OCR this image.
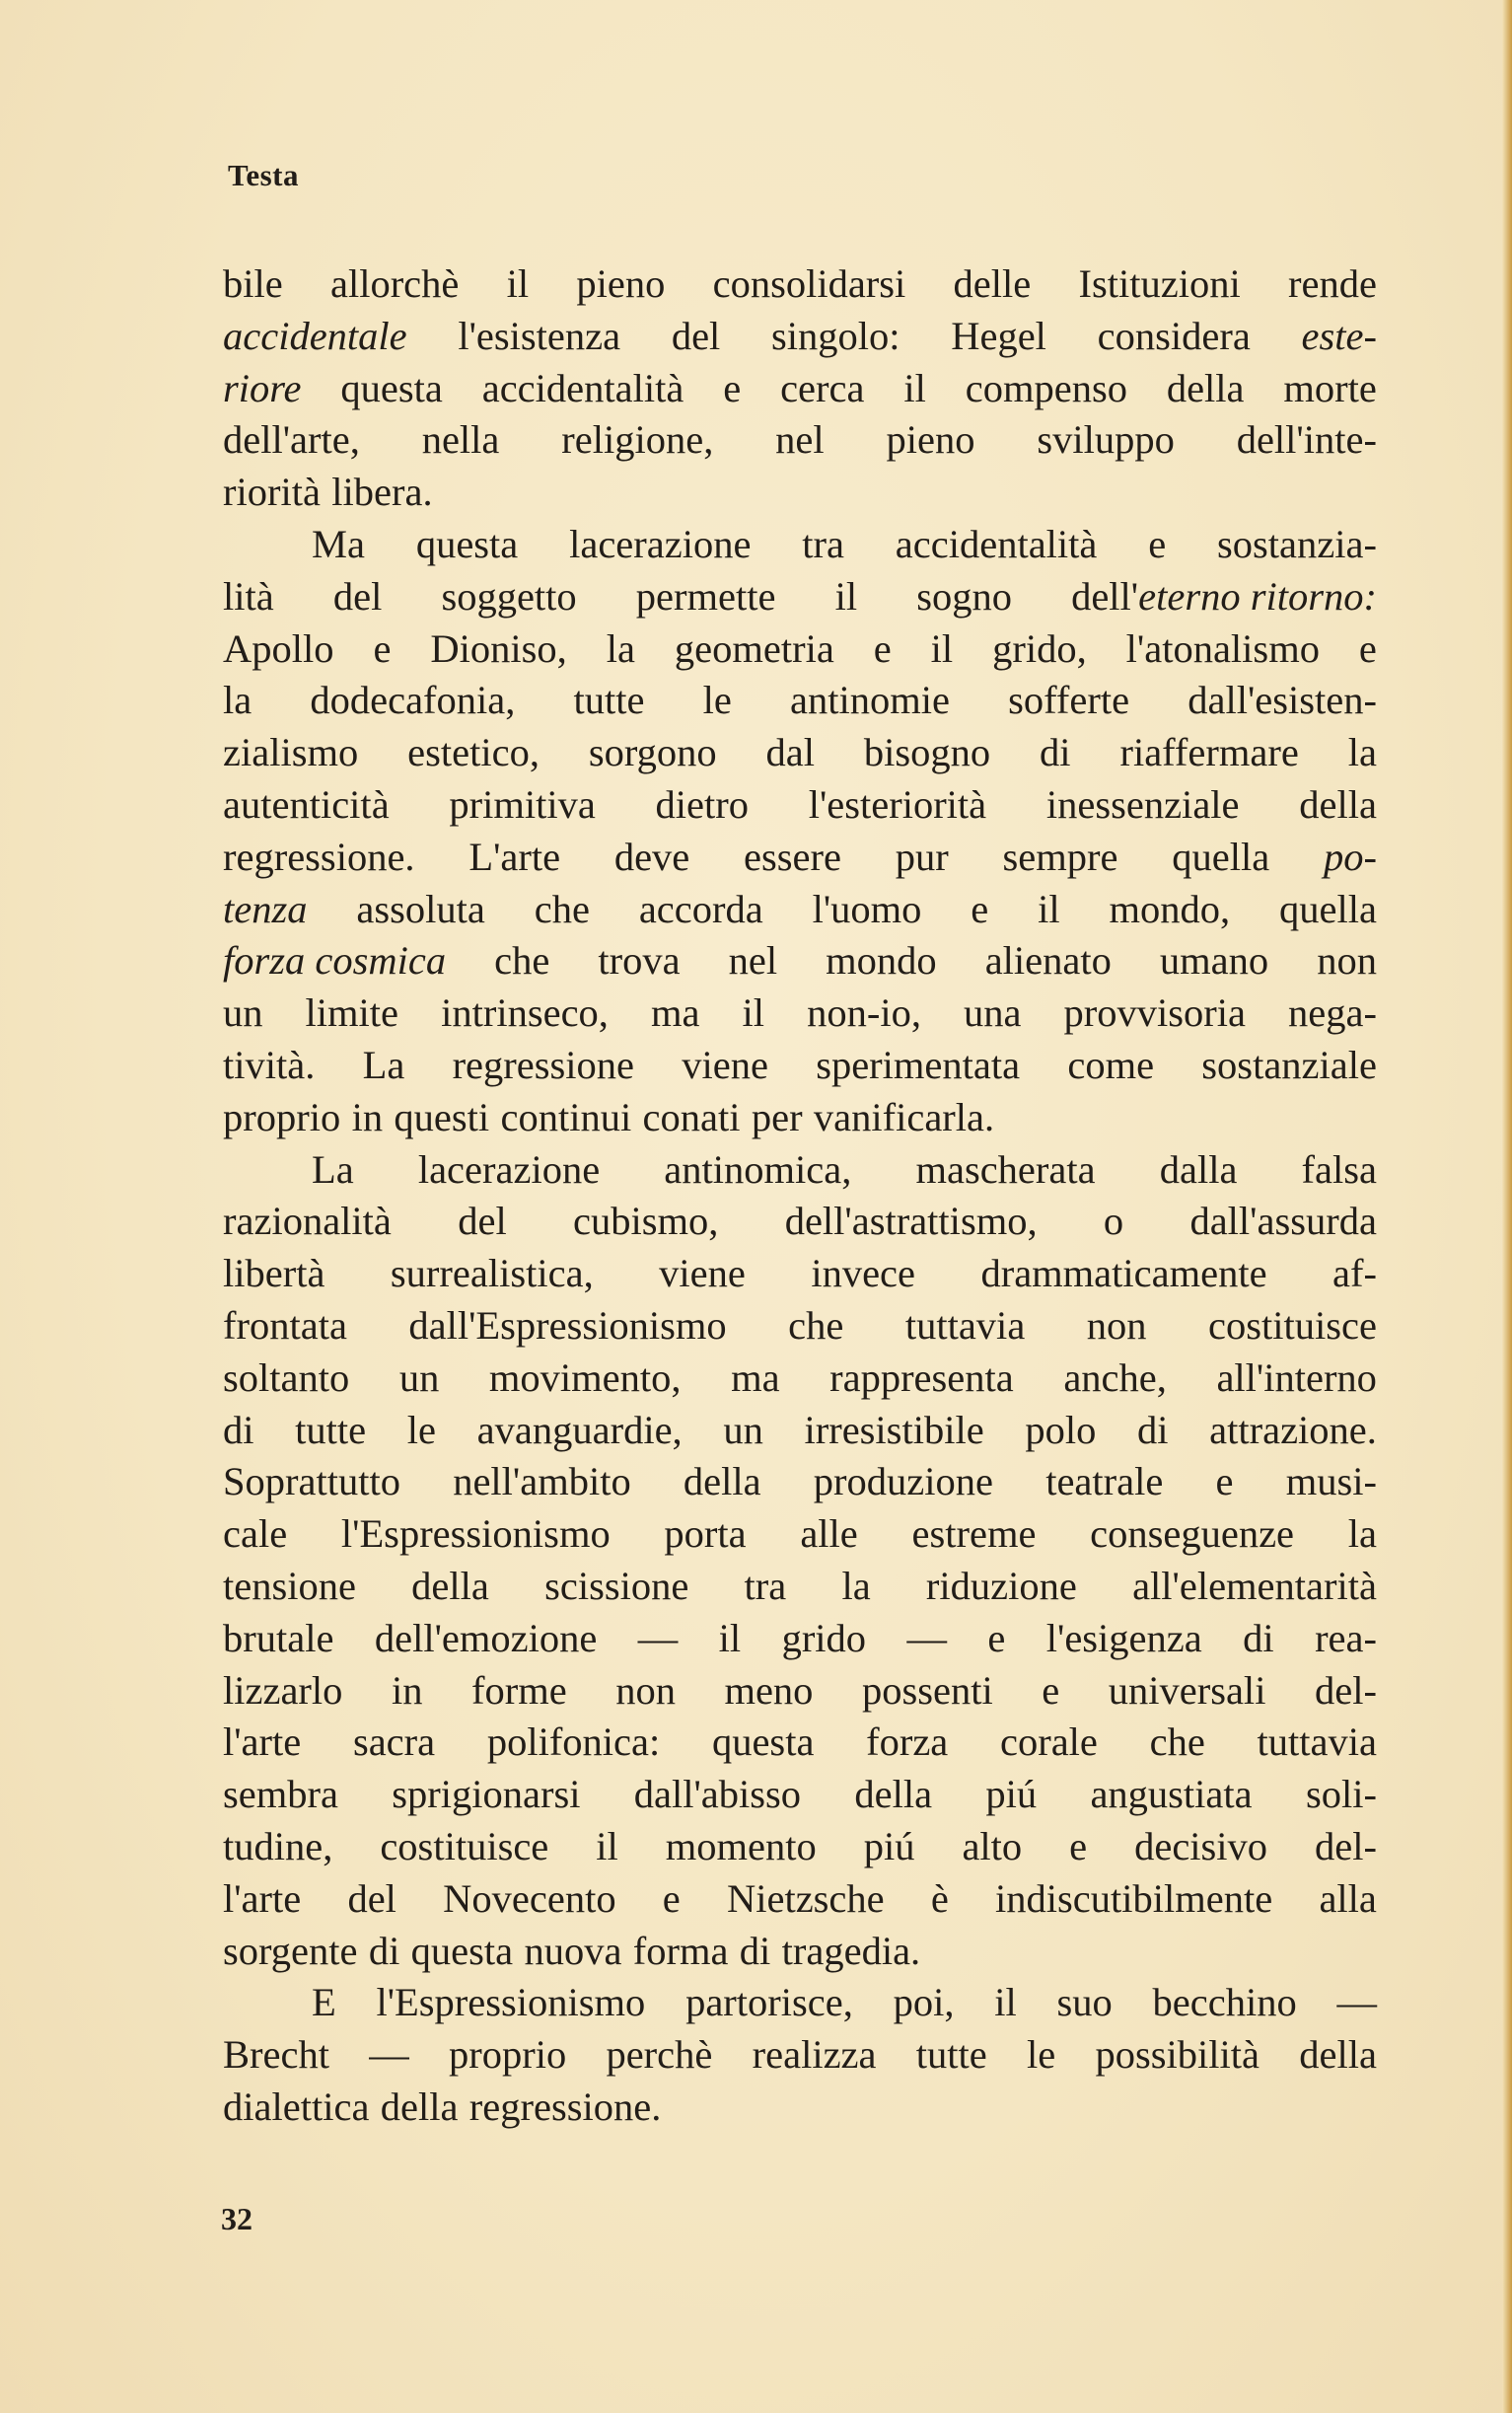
Testa
bile allorchè il pieno consolidarsi delle Istituzioni rende
accidentale l'esistenza del singolo: Hegel considera este-
riore questa accidentalità e cerca il compenso della morte
dell'arte, nella religione, nel pieno sviluppo dell'inte-
riorità libera.
Ma questa lacerazione tra accidentalità e sostanzia-
lità del soggetto permette il sogno dell'eterno ritorno:
Apollo e Dioniso, la geometria e il grido, l'atonalismo e
la dodecafonia, tutte le antinomie sofferte dall'esisten-
zialismo estetico, sorgono dal bisogno di riaffermare la
autenticità primitiva dietro l'esteriorità inessenziale della
regressione. L'arte deve essere pur sempre quella po-
tenza assoluta che accorda l'uomo e il mondo, quella
forza cosmica che trova nel mondo alienato umano non
un limite intrinseco, ma il non-io, una provvisoria nega-
tività. La regressione viene sperimentata come sostanziale
proprio in questi continui conati per vanificarla.
La lacerazione antinomica, mascherata dalla falsa
razionalità del cubismo, dell'astrattismo, o dall'assurda
libertà surrealistica, viene invece drammaticamente af-
frontata dall'Espressionismo che tuttavia non costituisce
soltanto un movimento, ma rappresenta anche, all'interno
di tutte le avanguardie, un irresistibile polo di attrazione.
Soprattutto nell'ambito della produzione teatrale e musi-
cale l'Espressionismo porta alle estreme conseguenze la
tensione della scissione tra la riduzione all'elementarità
brutale dell'emozione — il grido — e l'esigenza di rea-
lizzarlo in forme non meno possenti e universali del-
l'arte sacra polifonica: questa forza corale che tuttavia
sembra sprigionarsi dall'abisso della piú angustiata soli-
tudine, costituisce il momento piú alto e decisivo del-
l'arte del Novecento e Nietzsche è indiscutibilmente alla
sorgente di questa nuova forma di tragedia.
E l'Espressionismo partorisce, poi, il suo becchino —
Brecht — proprio perchè realizza tutte le possibilità della
dialettica della regressione.
32
